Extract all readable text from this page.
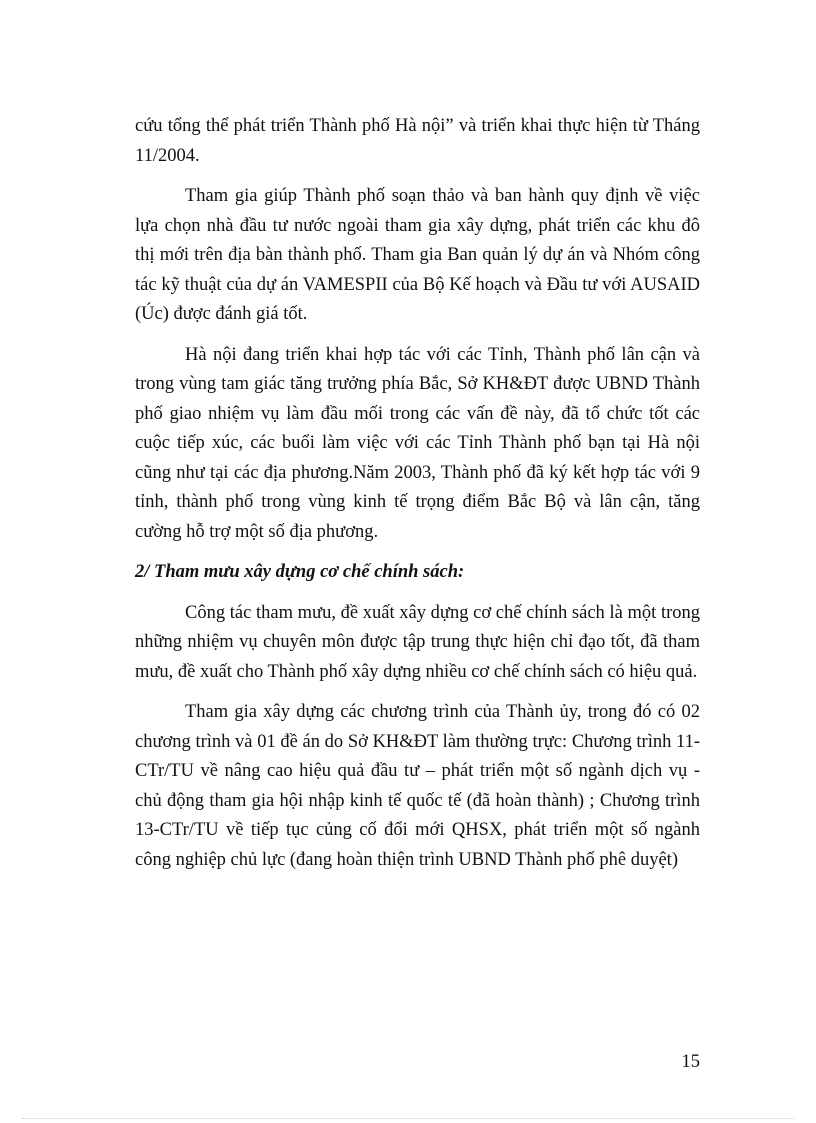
cứu tổng thể phát triển Thành phố Hà nội” và triển khai thực hiện từ Tháng 11/2004.

Tham gia giúp Thành phố soạn thảo và ban hành quy định về việc lựa chọn nhà đầu tư nước ngoài tham gia xây dựng, phát triển các khu đô thị mới trên địa bàn thành phố. Tham gia Ban quản lý dự án và Nhóm công tác kỹ thuật của dự án VAMESPII của Bộ Kế hoạch và Đầu tư với AUSAID (Úc) được đánh giá tốt.

Hà nội đang triển khai hợp tác với các Tỉnh, Thành phố lân cận và trong vùng tam giác tăng trưởng phía Bắc, Sở KH&ĐT được UBND Thành phố giao nhiệm vụ làm đầu mối trong các vấn đề này, đã tổ chức tốt các cuộc tiếp xúc, các buổi làm việc với các Tỉnh Thành phố bạn tại Hà nội cũng như tại các địa phương.Năm 2003, Thành phố đã ký kết hợp tác với 9 tỉnh, thành phố trong vùng kinh tế trọng điểm Bắc Bộ và lân cận, tăng cường hỗ trợ một số địa phương.

2/ Tham mưu xây dựng cơ chế chính sách:

Công tác tham mưu, đề xuất xây dựng cơ chế chính sách là một trong những nhiệm vụ chuyên môn được tập trung thực hiện chỉ đạo tốt, đã tham mưu, đề xuất cho Thành phố xây dựng nhiều cơ chế chính sách có hiệu quả.

Tham gia xây dựng các chương trình của Thành ủy, trong đó có 02 chương trình và 01 đề án do Sở KH&ĐT làm thường trực: Chương trình 11-CTr/TU về nâng cao hiệu quả đầu tư – phát triển một số ngành dịch vụ - chủ động tham gia hội nhập kinh tế quốc tế (đã hoàn thành) ; Chương trình 13-CTr/TU về tiếp tục củng cố đổi mới QHSX, phát triển một số ngành công nghiệp chủ lực (đang hoàn thiện trình UBND Thành phố phê duyệt)

15
